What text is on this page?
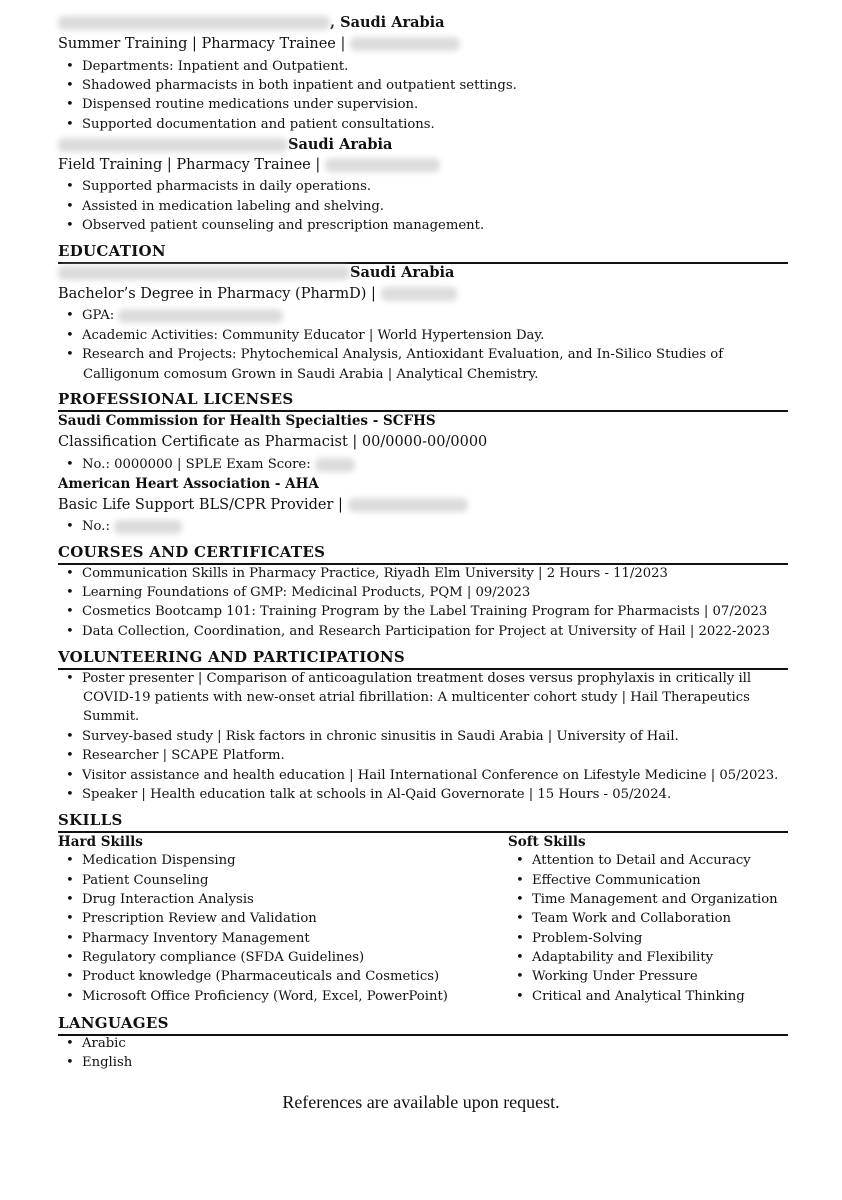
, Saudi Arabia
Summer Training | Pharmacy Trainee |
• Departments: Inpatient and Outpatient.
• Shadowed pharmacists in both inpatient and outpatient settings.
• Dispensed routine medications under supervision.
• Supported documentation and patient consultations.
Saudi Arabia
Field Training | Pharmacy Trainee |
• Supported pharmacists in daily operations.
• Assisted in medication labeling and shelving.
• Observed patient counseling and prescription management.
EDUCATION
Saudi Arabia
Bachelor’s Degree in Pharmacy (PharmD) |
• GPA:
• Academic Activities: Community Educator | World Hypertension Day.
• Research and Projects: Phytochemical Analysis, Antioxidant Evaluation, and In-Silico Studies of
Calligonum comosum Grown in Saudi Arabia | Analytical Chemistry.
PROFESSIONAL LICENSES
Saudi Commission for Health Specialties - SCFHS
Classification Certificate as Pharmacist | 00/0000-00/0000
• No.: 0000000 | SPLE Exam Score:
American Heart Association - AHA
Basic Life Support BLS/CPR Provider |
• No.:
COURSES AND CERTIFICATES
• Communication Skills in Pharmacy Practice, Riyadh Elm University | 2 Hours - 11/2023
• Learning Foundations of GMP: Medicinal Products, PQM | 09/2023
• Cosmetics Bootcamp 101: Training Program by the Label Training Program for Pharmacists | 07/2023
• Data Collection, Coordination, and Research Participation for Project at University of Hail | 2022-2023
VOLUNTEERING AND PARTICIPATIONS
• Poster presenter | Comparison of anticoagulation treatment doses versus prophylaxis in critically ill
COVID-19 patients with new-onset atrial fibrillation: A multicenter cohort study | Hail Therapeutics
Summit.
• Survey-based study | Risk factors in chronic sinusitis in Saudi Arabia | University of Hail.
• Researcher | SCAPE Platform.
• Visitor assistance and health education | Hail International Conference on Lifestyle Medicine | 05/2023.
• Speaker | Health education talk at schools in Al-Qaid Governorate | 15 Hours - 05/2024.
SKILLS
Hard Skills	Soft Skills
• Medication Dispensing
• Patient Counseling
• Drug Interaction Analysis
• Prescription Review and Validation
• Pharmacy Inventory Management
• Regulatory compliance (SFDA Guidelines)
• Product knowledge (Pharmaceuticals and Cosmetics)
• Microsoft Office Proficiency (Word, Excel, PowerPoint)
• Attention to Detail and Accuracy
• Effective Communication
• Time Management and Organization
• Team Work and Collaboration
• Problem-Solving
• Adaptability and Flexibility
• Working Under Pressure
• Critical and Analytical Thinking
LANGUAGES
• Arabic
• English
References are available upon request.
